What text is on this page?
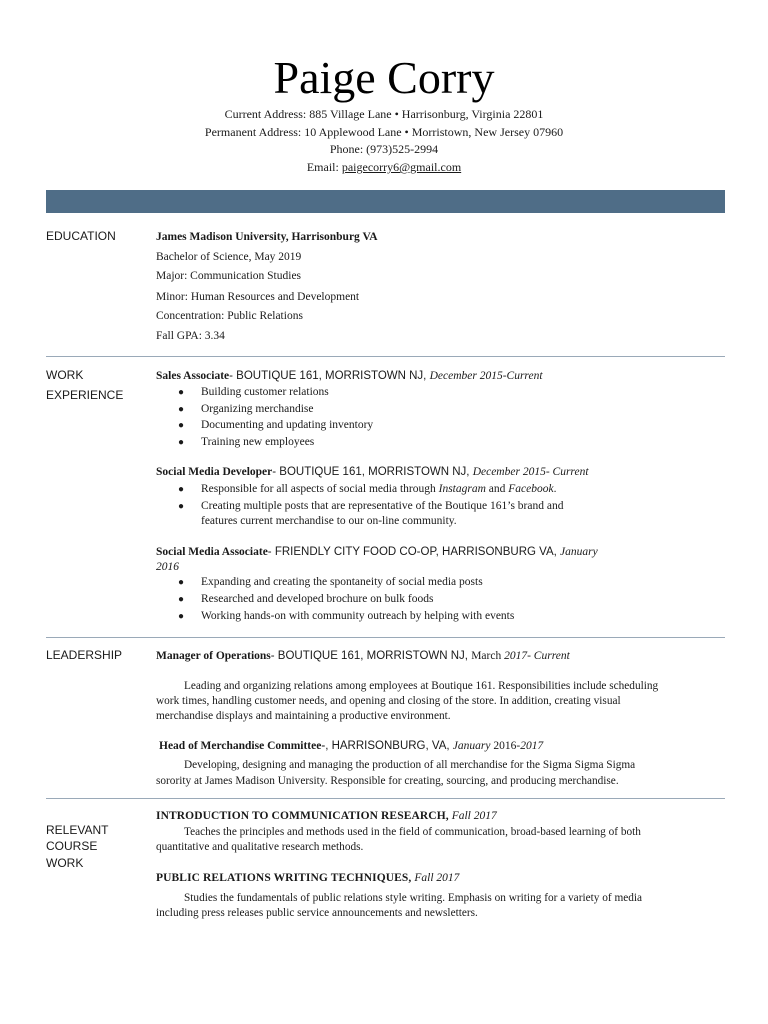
Paige Corry
Current Address: 885 Village Lane • Harrisonburg, Virginia 22801
Permanent Address: 10 Applewood Lane • Morristown, New Jersey 07960
Phone: (973)525-2994
Email: paigecorry6@gmail.com
EDUCATION	James Madison University, Harrisonburg VA
Bachelor of Science, May 2019
Major: Communication Studies
Minor: Human Resources and Development
Concentration: Public Relations
Fall GPA: 3.34
WORK
EXPERIENCE
Sales Associate- BOUTIQUE 161, MORRISTOWN NJ, December 2015-Current
●	Building customer relations
●	Organizing merchandise
●	Documenting and updating inventory
●	Training new employees
Social Media Developer- BOUTIQUE 161, MORRISTOWN NJ, December 2015- Current
●	Responsible for all aspects of social media through Instagram and Facebook.
●	Creating multiple posts that are representative of the Boutique 161’s brand and
features current merchandise to our on-line community.
Social Media Associate- FRIENDLY CITY FOOD CO-OP, HARRISONBURG VA, January
2016
●	Expanding and creating the spontaneity of social media posts
●	Researched and developed brochure on bulk foods
●	Working hands-on with community outreach by helping with events
LEADERSHIP	Manager of Operations- BOUTIQUE 161, MORRISTOWN NJ, March 2017- Current
Leading and organizing relations among employees at Boutique 161. Responsibilities include scheduling
work times, handling customer needs, and opening and closing of the store. In addition, creating visual
merchandise displays and maintaining a productive environment.
Head of Merchandise Committee-, HARRISONBURG, VA, January 2016-2017
Developing, designing and managing the production of all merchandise for the Sigma Sigma Sigma
sorority at James Madison University. Responsible for creating, sourcing, and producing merchandise.
RELEVANT
COURSE
WORK
INTRODUCTION TO COMMUNICATION RESEARCH, Fall 2017
Teaches the principles and methods used in the field of communication, broad-based learning of both
quantitative and qualitative research methods.
PUBLIC RELATIONS WRITING TECHNIQUES, Fall 2017
Studies the fundamentals of public relations style writing. Emphasis on writing for a variety of media
including press releases public service announcements and newsletters.
